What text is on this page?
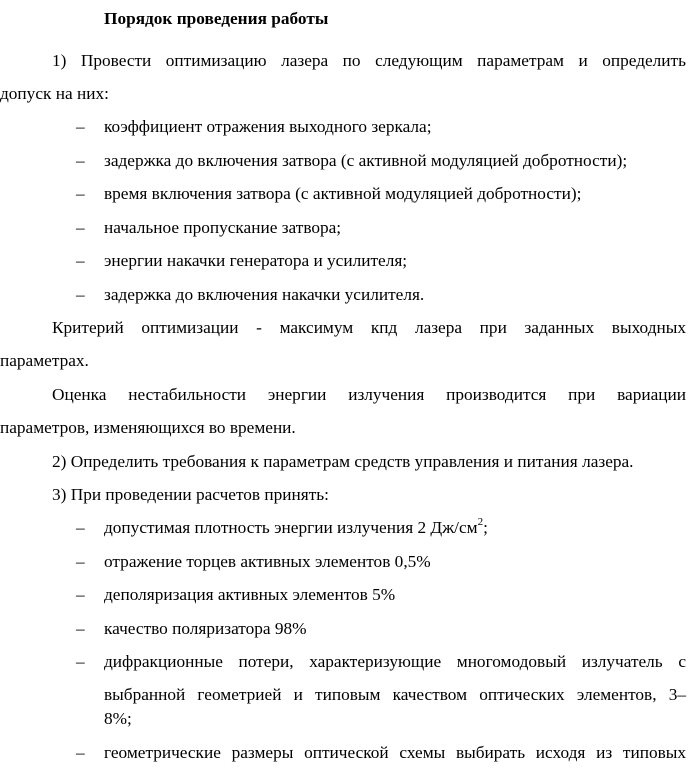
Порядок проведения работы
1) Провести оптимизацию лазера по следующим параметрам и определить
допуск на них:
– коэффициент отражения выходного зеркала;
– задержка до включения затвора (с активной модуляцией добротности);
– время включения затвора (с активной модуляцией добротности);
– начальное пропускание затвора;
– энергии накачки генератора и усилителя;
– задержка до включения накачки усилителя.
Критерий оптимизации - максимум кпд лазера при заданных выходных
параметрах.
Оценка нестабильности энергии излучения производится при вариации
параметров, изменяющихся во времени.
2) Определить требования к параметрам средств управления и питания лазера.
3) При проведении расчетов принять:
– допустимая плотность энергии излучения 2 $Дж/см^2$;
– отражение торцев активных элементов 0,5%
– деполяризация активных элементов 5%
– качество поляризатора 98%
– дифракционные потери, характеризующие многомодовый излучатель с
выбранной геометрией и типовым качеством оптических элементов, 3–
8%;
– геометрические размеры оптической схемы выбирать исходя из типовых
